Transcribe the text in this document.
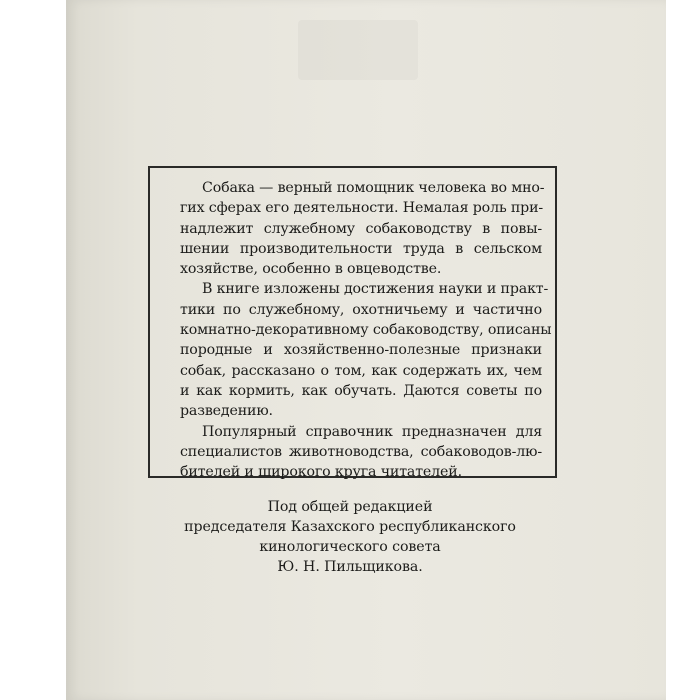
Собака — верный помощник человека во мно-
гих сферах его деятельности. Немалая роль при-
надлежит служебному собаководству в повы-
шении производительности труда в сельском
хозяйстве, особенно в овцеводстве.
В книге изложены достижения науки и практ-
тики по служебному, охотничьему и частично
комнатно-декоративному собаководству, описаны
породные и хозяйственно-полезные признаки
собак, рассказано о том, как содержать их, чем
и как кормить, как обучать. Даются советы по
разведению.
Популярный справочник предназначен для
специалистов животноводства, собаководов-лю-
бителей и широкого круга читателей.
Под общей редакцией
председателя Казахского республиканского
кинологического совета
Ю. Н. Пильщикова.
